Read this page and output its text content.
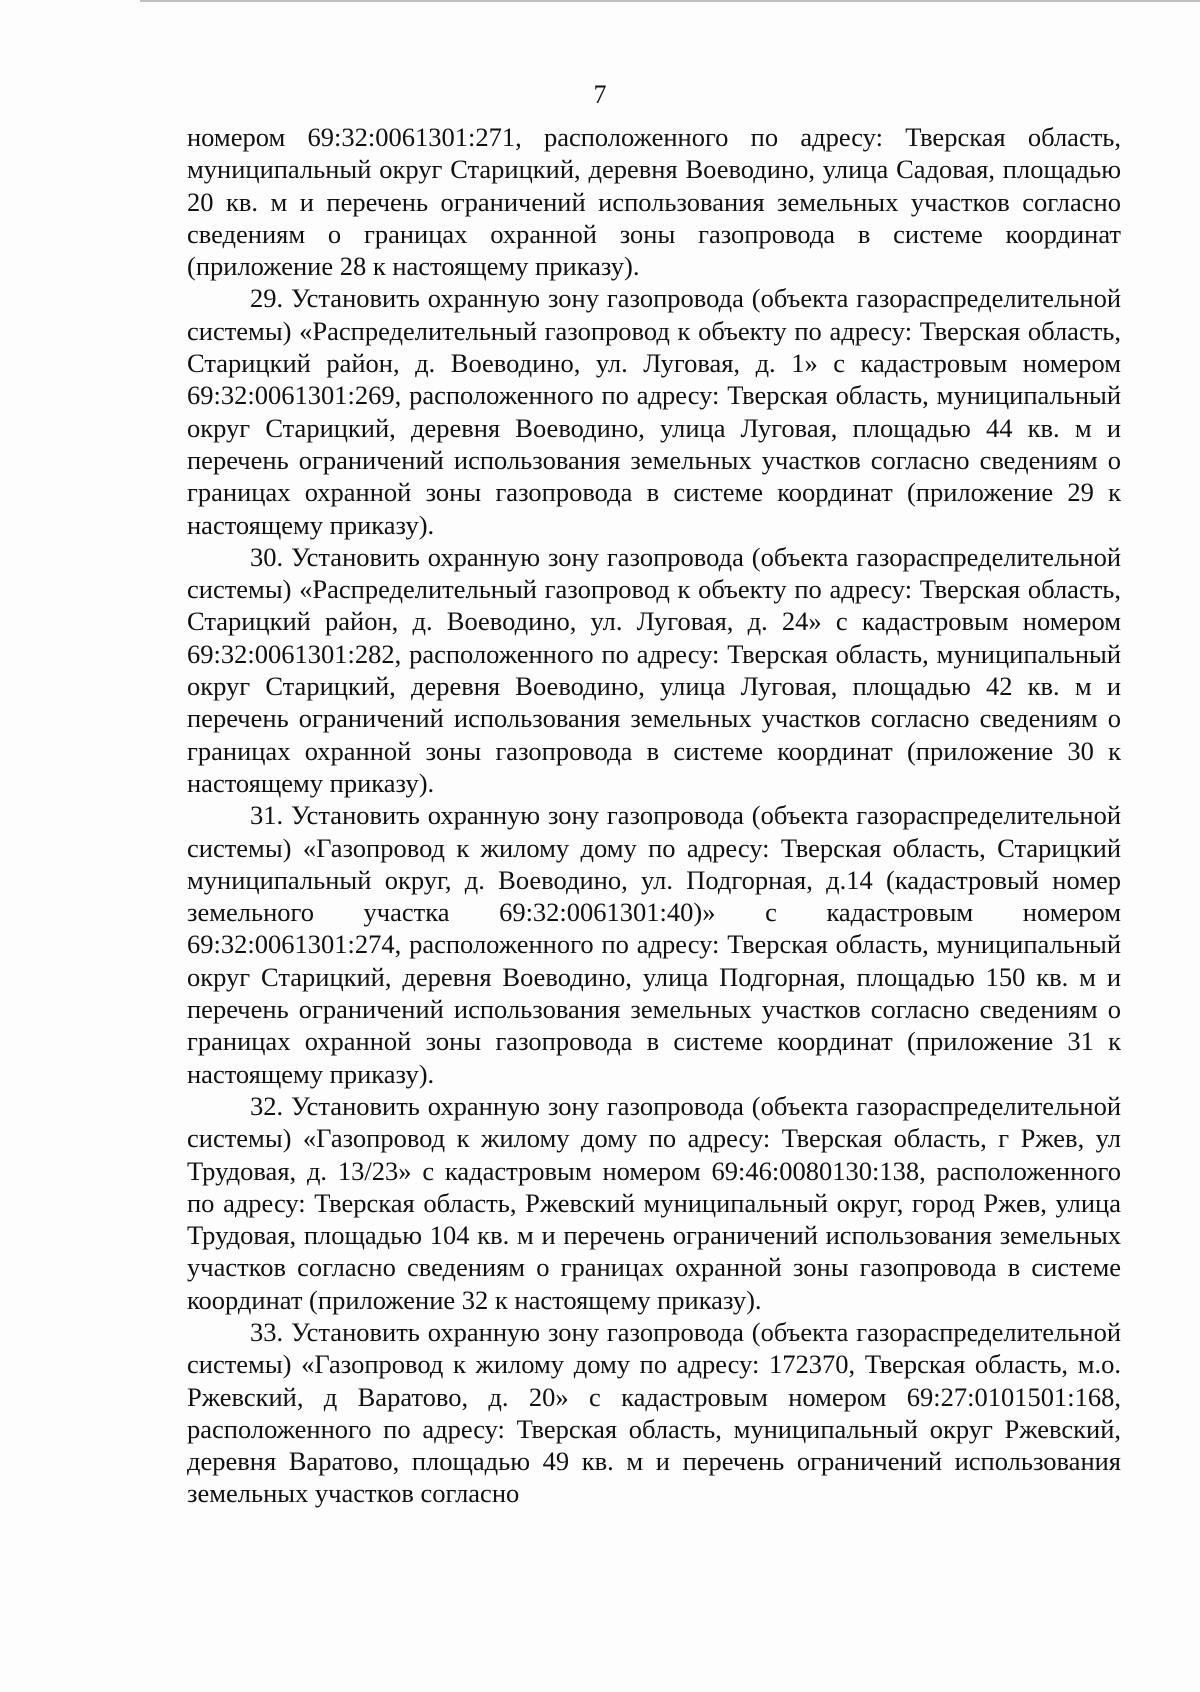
7

номером 69:32:0061301:271, расположенного по адресу: Тверская область, муниципальный округ Старицкий, деревня Воеводино, улица Садовая, площадью 20 кв. м и перечень ограничений использования земельных участков согласно сведениям о границах охранной зоны газопровода в системе координат (приложение 28 к настоящему приказу).

29. Установить охранную зону газопровода (объекта газораспределительной системы) «Распределительный газопровод к объекту по адресу: Тверская область, Старицкий район, д. Воеводино, ул. Луговая, д. 1» с кадастровым номером 69:32:0061301:269, расположенного по адресу: Тверская область, муниципальный округ Старицкий, деревня Воеводино, улица Луговая, площадью 44 кв. м и перечень ограничений использования земельных участков согласно сведениям о границах охранной зоны газопровода в системе координат (приложение 29 к настоящему приказу).

30. Установить охранную зону газопровода (объекта газораспределительной системы) «Распределительный газопровод к объекту по адресу: Тверская область, Старицкий район, д. Воеводино, ул. Луговая, д. 24» с кадастровым номером 69:32:0061301:282, расположенного по адресу: Тверская область, муниципальный округ Старицкий, деревня Воеводино, улица Луговая, площадью 42 кв. м и перечень ограничений использования земельных участков согласно сведениям о границах охранной зоны газопровода в системе координат (приложение 30 к настоящему приказу).

31. Установить охранную зону газопровода (объекта газораспределительной системы) «Газопровод к жилому дому по адресу: Тверская область, Старицкий муниципальный округ, д. Воеводино, ул. Подгорная, д.14 (кадастровый номер земельного участка 69:32:0061301:40)» с кадастровым номером 69:32:0061301:274, расположенного по адресу: Тверская область, муниципальный округ Старицкий, деревня Воеводино, улица Подгорная, площадью 150 кв. м и перечень ограничений использования земельных участков согласно сведениям о границах охранной зоны газопровода в системе координат (приложение 31 к настоящему приказу).

32. Установить охранную зону газопровода (объекта газораспределительной системы) «Газопровод к жилому дому по адресу: Тверская область, г Ржев, ул Трудовая, д. 13/23» с кадастровым номером 69:46:0080130:138, расположенного по адресу: Тверская область, Ржевский муниципальный округ, город Ржев, улица Трудовая, площадью 104 кв. м и перечень ограничений использования земельных участков согласно сведениям о границах охранной зоны газопровода в системе координат (приложение 32 к настоящему приказу).

33. Установить охранную зону газопровода (объекта газораспределительной системы) «Газопровод к жилому дому по адресу: 172370, Тверская область, м.о. Ржевский, д Варатово, д. 20» с кадастровым номером 69:27:0101501:168, расположенного по адресу: Тверская область, муниципальный округ Ржевский, деревня Варатово, площадью 49 кв. м и перечень ограничений использования земельных участков согласно
